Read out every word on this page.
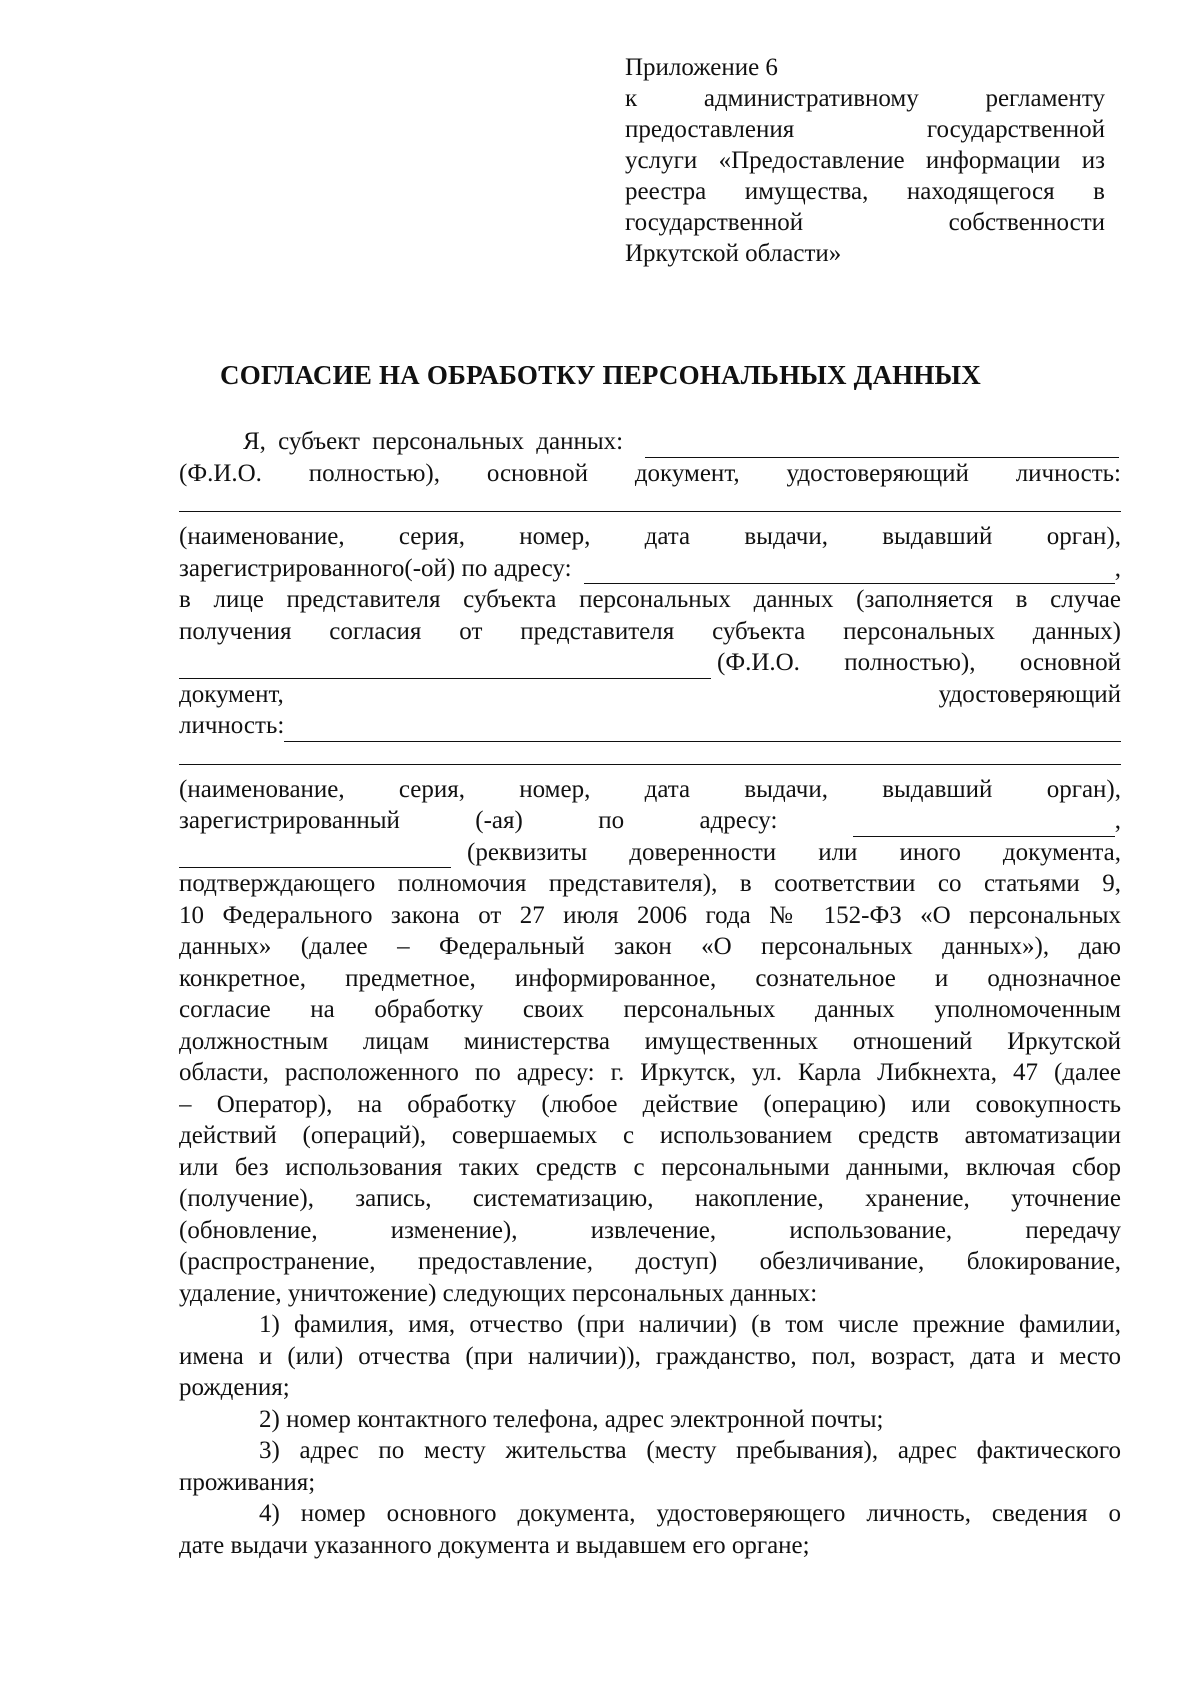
Приложение 6
к административному регламенту
предоставления государственной
услуги «Предоставление информации из
реестра имущества, находящегося в
государственной собственности
Иркутской области»
СОГЛАСИЕ НА ОБРАБОТКУ ПЕРСОНАЛЬНЫХ ДАННЫХ
Я, субъект персональных данных:
(Ф.И.О. полностью), основной документ, удостоверяющий личность:
(наименование, серия, номер, дата выдачи, выдавший орган),
зарегистрированного(-ой) по адресу:	,
в лице представителя субъекта персональных данных (заполняется в случае
получения согласия от представителя субъекта персональных данных)
(Ф.И.О. полностью), основной
документ,	удостоверяющий
личность:
(наименование, серия, номер, дата выдачи, выдавший орган),
зарегистрированный	(-ая)	по	адресу:	,
(реквизиты доверенности или иного документа,
подтверждающего полномочия представителя), в соответствии со статьями 9,
10 Федерального закона от 27 июля 2006 года № 152-ФЗ «О персональных
данных» (далее – Федеральный закон «О персональных данных»), даю
конкретное, предметное, информированное, сознательное и однозначное
согласие на обработку своих персональных данных уполномоченным
должностным лицам министерства имущественных отношений Иркутской
области, расположенного по адресу: г. Иркутск, ул. Карла Либкнехта, 47 (далее
– Оператор), на обработку (любое действие (операцию) или совокупность
действий (операций), совершаемых с использованием средств автоматизации
или без использования таких средств с персональными данными, включая сбор
(получение), запись, систематизацию, накопление, хранение, уточнение
(обновление, изменение), извлечение, использование, передачу
(распространение, предоставление, доступ) обезличивание, блокирование,
удаление, уничтожение) следующих персональных данных:
1) фамилия, имя, отчество (при наличии) (в том числе прежние фамилии,
имена и (или) отчества (при наличии)), гражданство, пол, возраст, дата и место
рождения;
2) номер контактного телефона, адрес электронной почты;
3) адрес по месту жительства (месту пребывания), адрес фактического
проживания;
4) номер основного документа, удостоверяющего личность, сведения о
дате выдачи указанного документа и выдавшем его органе;
